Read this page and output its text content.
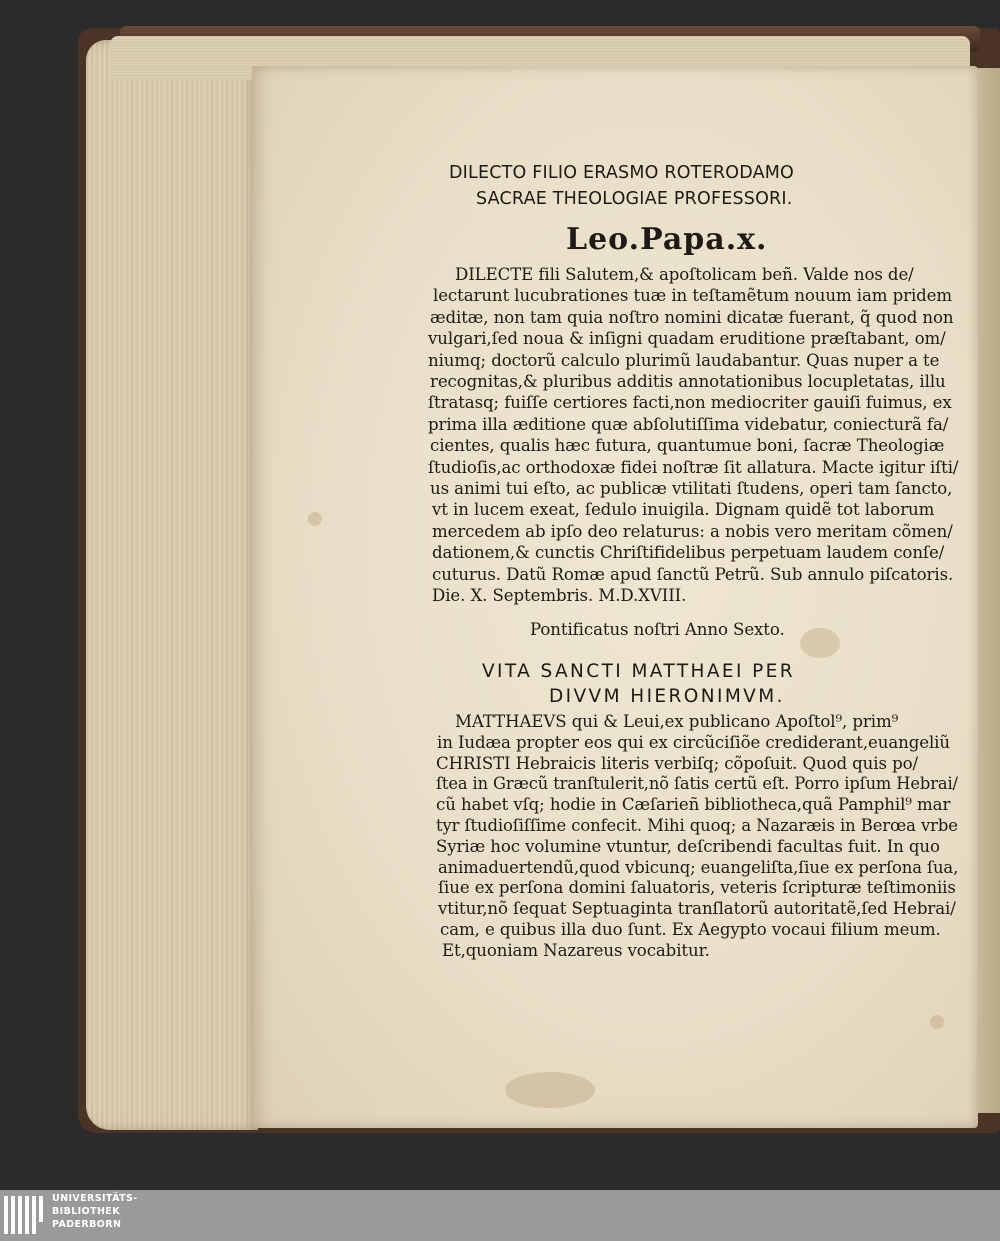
DILECTO FILIO ERASMO ROTERODAMO
SACRAE THEOLOGIAE PROFESSORI.
Leo.Papa.x.
DILECTE fili Salutem,& apoſtolicam beñ. Valde nos de/
lectarunt lucubrationes tuæ in teſtamẽtum nouum iam pridem
æditæ, non tam quia noſtro nomini dicatæ fuerant, q̃ quod non
vulgari,ſed noua & inſigni quadam eruditione præſtabant, om/
niumq; doctorũ calculo plurimũ laudabantur. Quas nuper a te
recognitas,& pluribus additis annotationibus locupletatas, illu
ſtratasq; fuiſſe certiores facti,non mediocriter gauiſi fuimus, ex
prima illa æditione quæ abſolutiſſima videbatur, coniecturã fa/
cientes, qualis hæc futura, quantumue boni, ſacræ Theologiæ
ſtudioſis,ac orthodoxæ fidei noſtræ ſit allatura. Macte igitur iſti/
us animi tui eſto, ac publicæ vtilitati ſtudens, operi tam ſancto,
vt in lucem exeat, ſedulo inuigila. Dignam quidẽ tot laborum
mercedem ab ipſo deo relaturus: a nobis vero meritam cõmen/
dationem,& cunctis Chriſtifidelibus perpetuam laudem conſe/
cuturus. Datũ Romæ apud ſanctũ Petrũ. Sub annulo piſcatoris.
Die. X. Septembris. M.D.XVIII.
Pontificatus noſtri Anno Sexto.
VITA SANCTI MATTHAEI PER
DIVVM HIERONIMVM.
MATTHAEVS qui & Leui,ex publicano Apoſtol⁹, prim⁹
in Iudæa propter eos qui ex circũciſiõe crediderant,euangeliũ
CHRISTI Hebraicis literis verbiſq; cõpoſuit. Quod quis po/
ſtea in Græcũ tranſtulerit,nõ ſatis certũ eſt. Porro ipſum Hebrai/
cũ habet vſq; hodie in Cæſarieñ bibliotheca,quã Pamphil⁹ mar
tyr ſtudioſiſſime confecit. Mihi quoq; a Nazaræis in Berœa vrbe
Syriæ hoc volumine vtuntur, deſcribendi facultas fuit. In quo
animaduertendũ,quod vbicunq; euangeliſta,ſiue ex perſona ſua,
ſiue ex perſona domini ſaluatoris, veteris ſcripturæ teſtimoniis
vtitur,nõ ſequat Septuaginta tranſlatorũ autoritatẽ,ſed Hebrai/
cam, e quibus illa duo ſunt. Ex Aegypto vocaui filium meum.
Et,quoniam Nazareus vocabitur.
UNIVERSITÄTS-
BIBLIOTHEK
PADERBORN
